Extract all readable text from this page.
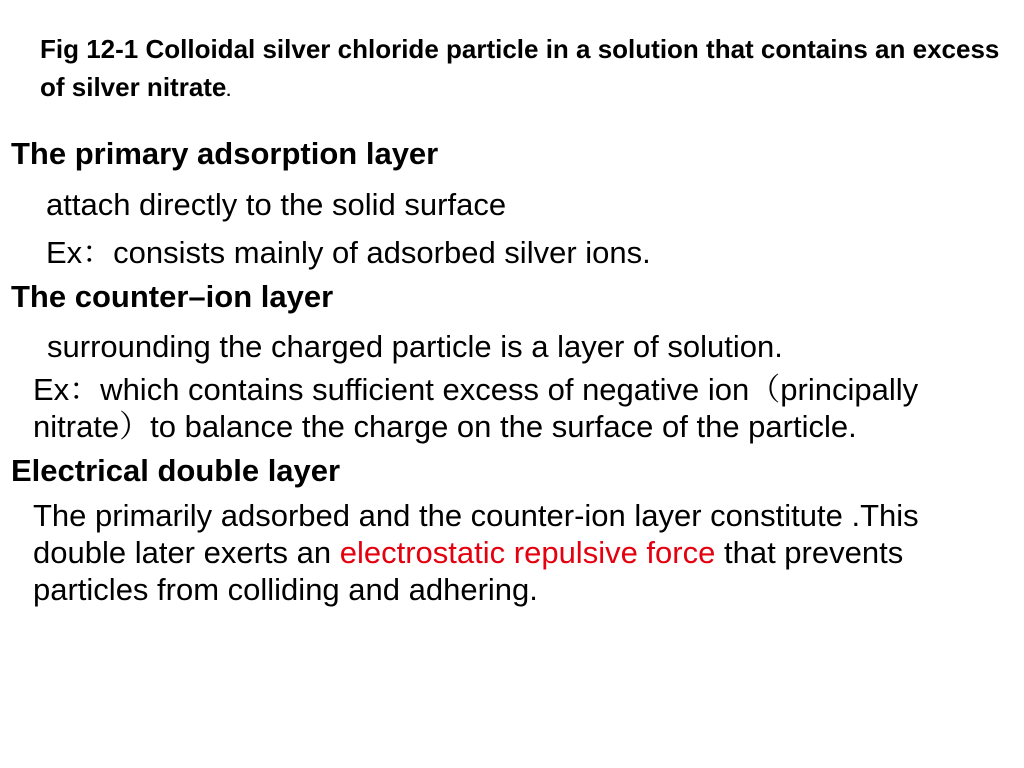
Fig 12-1 Colloidal silver chloride particle in a solution that contains an excess of silver nitrate.

The primary adsorption layer

attach directly to the solid surface

Ex：consists mainly of adsorbed silver ions.

The counter–ion layer

surrounding the charged particle is a layer of solution.
Ex：which contains sufficient excess of negative ion（principally nitrate）to balance the charge on the surface of the particle.

Electrical double layer

The primarily adsorbed and the counter-ion layer constitute .This double later exerts an electrostatic repulsive force that prevents particles from colliding and adhering.
